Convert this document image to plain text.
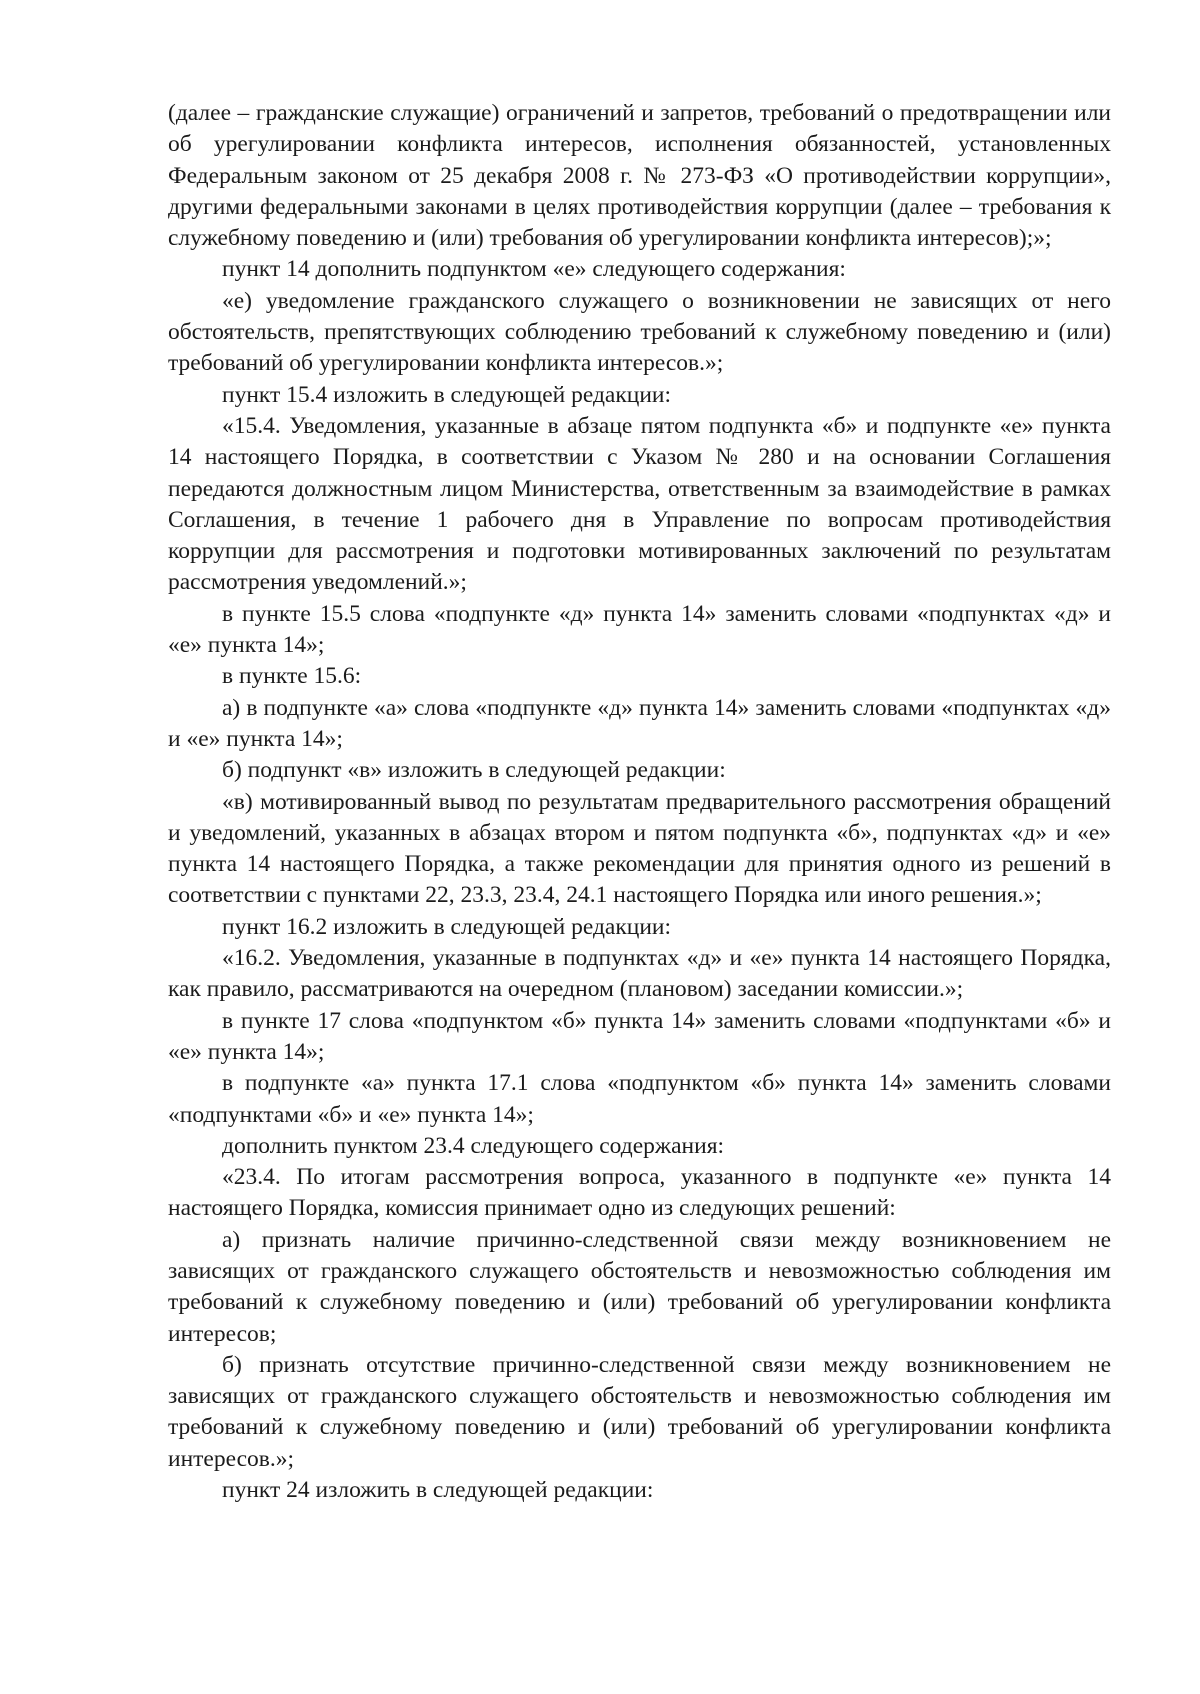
(далее – гражданские служащие) ограничений и запретов, требований о предотвращении или об урегулировании конфликта интересов, исполнения обязанностей, установленных Федеральным законом от 25 декабря 2008 г. № 273-ФЗ «О противодействии коррупции», другими федеральными законами в целях противодействия коррупции (далее – требования к служебному поведению и (или) требования об урегулировании конфликта интересов);»;

пункт 14 дополнить подпунктом «е» следующего содержания:

«е) уведомление гражданского служащего о возникновении не зависящих от него обстоятельств, препятствующих соблюдению требований к служебному поведению и (или) требований об урегулировании конфликта интересов.»;

пункт 15.4 изложить в следующей редакции:

«15.4. Уведомления, указанные в абзаце пятом подпункта «б» и подпункте «е» пункта 14 настоящего Порядка, в соответствии с Указом № 280 и на основании Соглашения передаются должностным лицом Министерства, ответственным за взаимодействие в рамках Соглашения, в течение 1 рабочего дня в Управление по вопросам противодействия коррупции для рассмотрения и подготовки мотивированных заключений по результатам рассмотрения уведомлений.»;

в пункте 15.5 слова «подпункте «д» пункта 14» заменить словами «подпунктах «д» и «е» пункта 14»;

в пункте 15.6:

а) в подпункте «а» слова «подпункте «д» пункта 14» заменить словами «подпунктах «д» и «е» пункта 14»;

б) подпункт «в» изложить в следующей редакции:

«в) мотивированный вывод по результатам предварительного рассмотрения обращений и уведомлений, указанных в абзацах втором и пятом подпункта «б», подпунктах «д» и «е» пункта 14 настоящего Порядка, а также рекомендации для принятия одного из решений в соответствии с пунктами 22, 23.3, 23.4, 24.1 настоящего Порядка или иного решения.»;

пункт 16.2 изложить в следующей редакции:

«16.2. Уведомления, указанные в подпунктах «д» и «е» пункта 14 настоящего Порядка, как правило, рассматриваются на очередном (плановом) заседании комиссии.»;

в пункте 17 слова «подпунктом «б» пункта 14» заменить словами «подпунктами «б» и «е» пункта 14»;

в подпункте «а» пункта 17.1 слова «подпунктом «б» пункта 14» заменить словами «подпунктами «б» и «е» пункта 14»;

дополнить пунктом 23.4 следующего содержания:

«23.4. По итогам рассмотрения вопроса, указанного в подпункте «е» пункта 14 настоящего Порядка, комиссия принимает одно из следующих решений:

а) признать наличие причинно-следственной связи между возникновением не зависящих от гражданского служащего обстоятельств и невозможностью соблюдения им требований к служебному поведению и (или) требований об урегулировании конфликта интересов;

б) признать отсутствие причинно-следственной связи между возникновением не зависящих от гражданского служащего обстоятельств и невозможностью соблюдения им требований к служебному поведению и (или) требований об урегулировании конфликта интересов.»;

пункт 24 изложить в следующей редакции:
